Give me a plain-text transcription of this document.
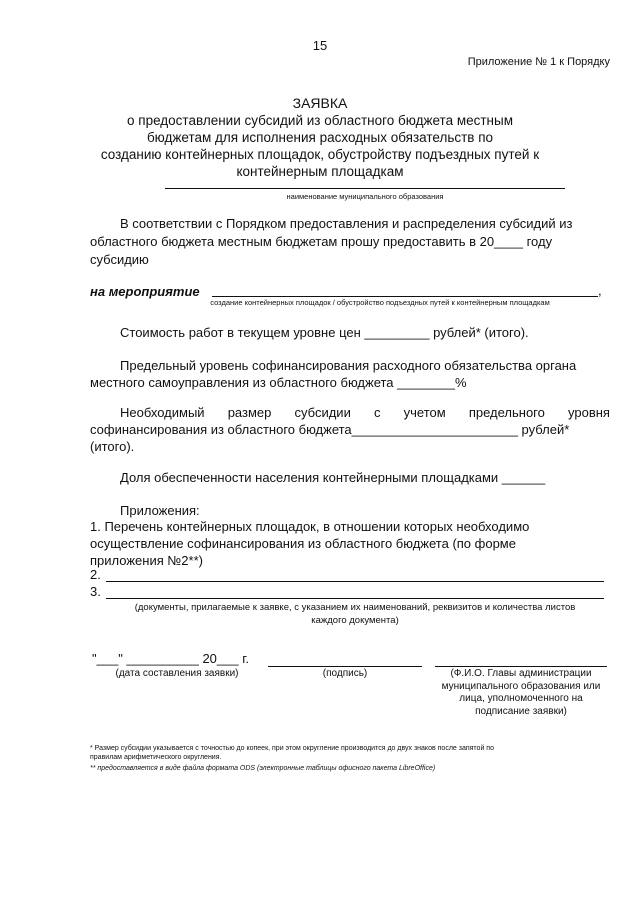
15
Приложение № 1 к Порядку
ЗАЯВКА
о предоставлении субсидий из областного бюджета местным
бюджетам для исполнения расходных обязательств по
созданию контейнерных площадок, обустройству подъездных путей к
контейнерным площадкам
наименование муниципального образования
В соответствии с Порядком предоставления и распределения субсидий из
областного бюджета местным бюджетам прошу предоставить в 20____ году
субсидию
на мероприятие	,
создание контейнерных площадок / обустройство подъездных путей к контейнерным площадкам
Стоимость работ в текущем уровне цен _________ рублей* (итого).
Предельный уровень софинансирования расходного обязательства органа
местного самоуправления из областного бюджета ________%
Необходимый размер субсидии с учетом предельного уровня
софинансирования из областного бюджета_______________________ рублей*
(итого).
Доля обеспеченности населения контейнерными площадками ______
Приложения:
1. Перечень контейнерных площадок, в отношении которых необходимо
осуществление софинансирования из областного бюджета (по форме
приложения №2**)
2.
3.
(документы, прилагаемые к заявке, с указанием их наименований, реквизитов и количества листов
каждого документа)
"___" __________ 20___ г.
(дата составления заявки)	(подпись)	(Ф.И.О. Главы администрации
муниципального образования или
лица, уполномоченного на
подписание заявки)
* Размер субсидии указывается с точностью до копеек, при этом округление производится до двух знаков после запятой по
правилам арифметического округления.
** предоставляется в виде файла формата ODS (электронные таблицы офисного пакета LibreOffice)
